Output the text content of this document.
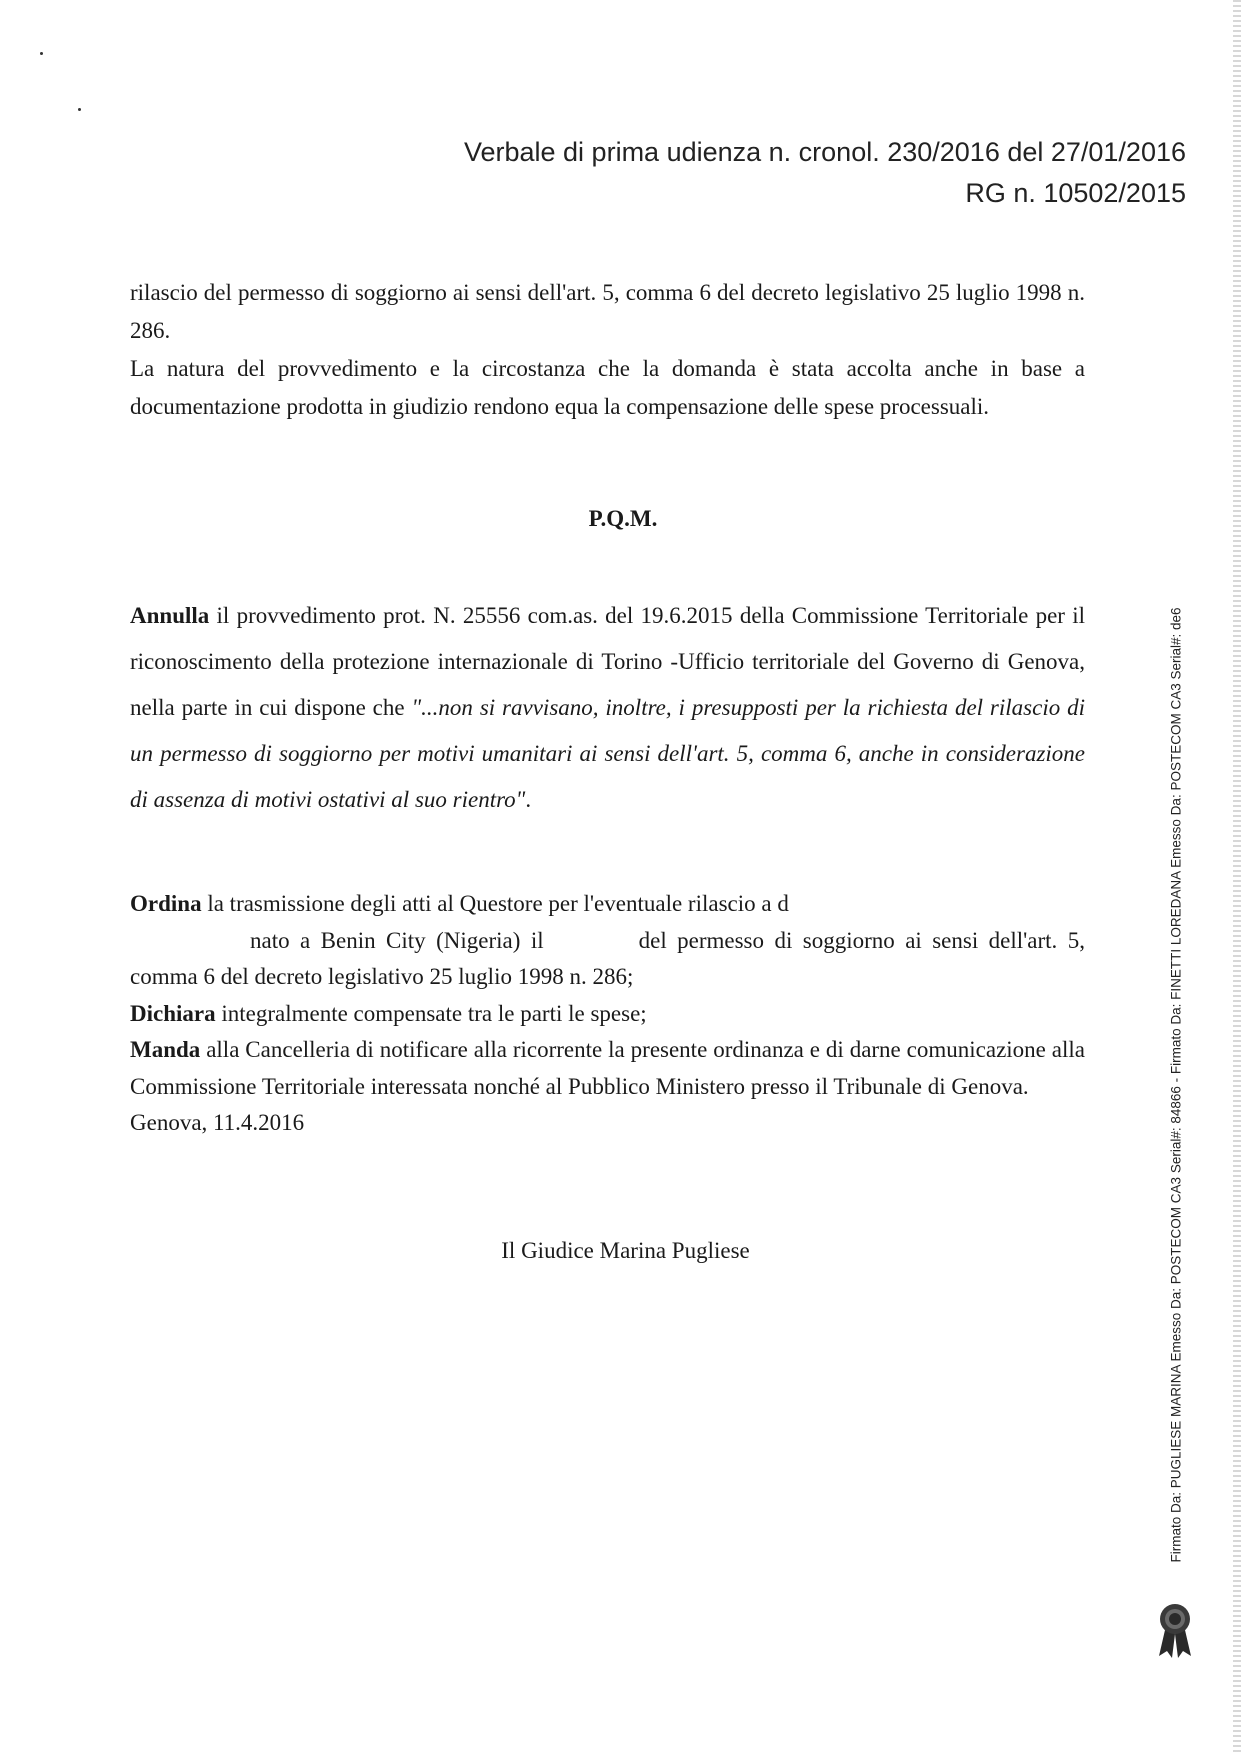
Verbale di prima udienza n. cronol. 230/2016 del 27/01/2016
RG n. 10502/2015
rilascio del permesso di soggiorno ai sensi dell'art. 5, comma 6 del decreto legislativo 25 luglio 1998 n. 286.
La natura del provvedimento e la circostanza che la domanda è stata accolta anche in base a documentazione prodotta in giudizio rendono equa la compensazione delle spese processuali.
P.Q.M.
Annulla il provvedimento prot. N. 25556 com.as. del 19.6.2015 della Commissione Territoriale per il riconoscimento della protezione internazionale di Torino -Ufficio territoriale del Governo di Genova, nella parte in cui dispone che "...non si ravvisano, inoltre, i presupposti per la richiesta del rilascio di un permesso di soggiorno per motivi umanitari ai sensi dell'art. 5, comma 6, anche in considerazione di assenza di motivi ostativi al suo rientro".
Ordina la trasmissione degli atti al Questore per l'eventuale rilascio a d
nato a Benin City (Nigeria) il	del permesso di soggiorno ai sensi dell'art. 5, comma 6 del decreto legislativo 25 luglio 1998 n. 286;
Dichiara integralmente compensate tra le parti le spese;
Manda alla Cancelleria di notificare alla ricorrente la presente ordinanza e di darne comunicazione alla Commissione Territoriale interessata nonché al Pubblico Ministero presso il Tribunale di Genova.
Genova, 11.4.2016
Il Giudice Marina Pugliese	Firmato Da: PUGLIESE MARINA Emesso Da: POSTECOM CA3 Serial#: 84866 - Firmato Da: FINETTI LOREDANA Emesso Da: POSTECOM CA3 Serial#: de6
